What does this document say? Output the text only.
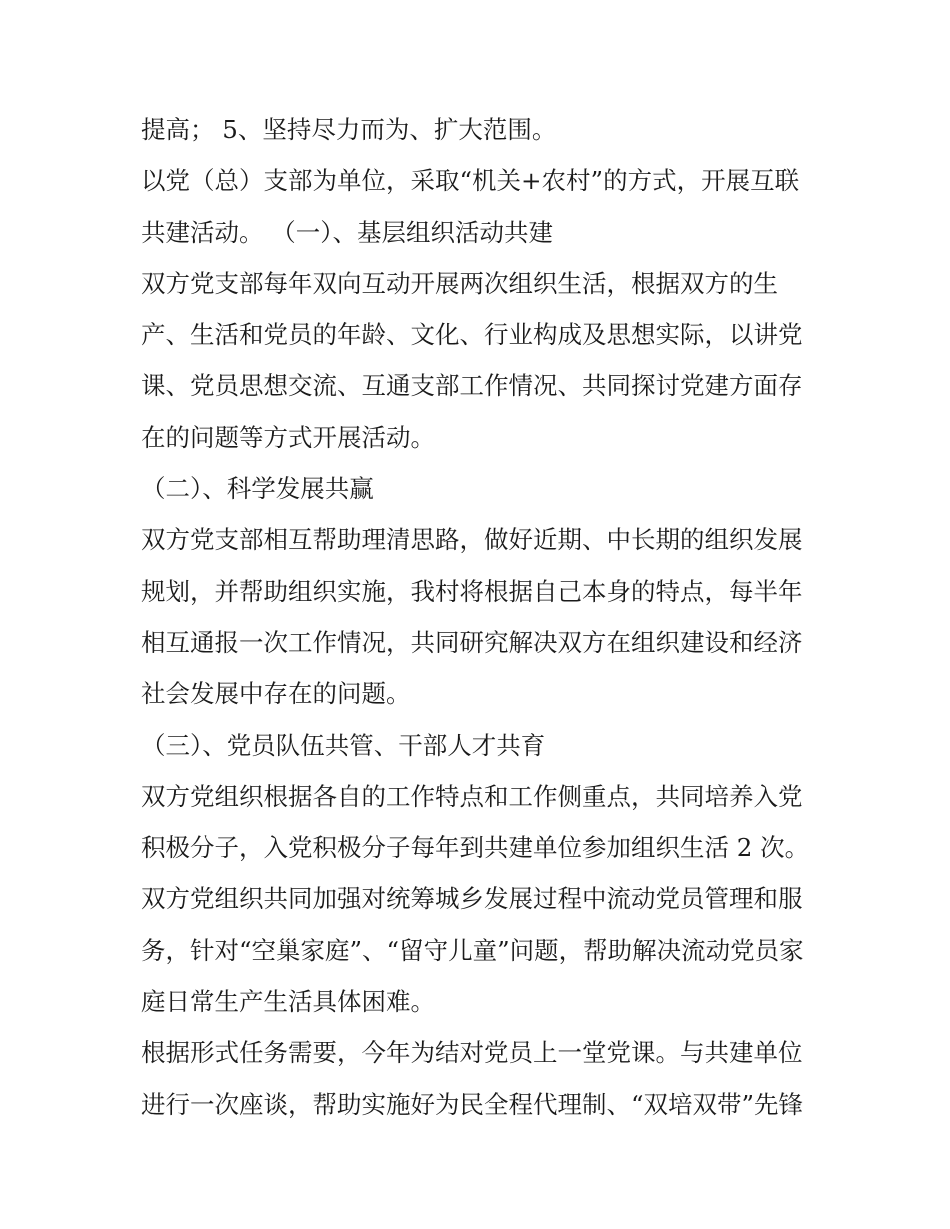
提高； 5、坚持尽力而为、扩大范围。
以党（总）支部为单位，采取“机关+农村”的方式，开展互联
共建活动。 （一）、基层组织活动共建
双方党支部每年双向互动开展两次组织生活，根据双方的生
产、生活和党员的年龄、文化、行业构成及思想实际，以讲党
课、党员思想交流、互通支部工作情况、共同探讨党建方面存
在的问题等方式开展活动。
（二）、科学发展共赢
双方党支部相互帮助理清思路，做好近期、中长期的组织发展
规划，并帮助组织实施，我村将根据自己本身的特点，每半年
相互通报一次工作情况，共同研究解决双方在组织建设和经济
社会发展中存在的问题。
（三）、党员队伍共管、干部人才共育
双方党组织根据各自的工作特点和工作侧重点，共同培养入党
积极分子，入党积极分子每年到共建单位参加组织生活 2 次。
双方党组织共同加强对统筹城乡发展过程中流动党员管理和服
务，针对“空巢家庭”、“留守儿童”问题，帮助解决流动党员家
庭日常生产生活具体困难。
根据形式任务需要，今年为结对党员上一堂党课。与共建单位
进行一次座谈，帮助实施好为民全程代理制、“双培双带”先锋
